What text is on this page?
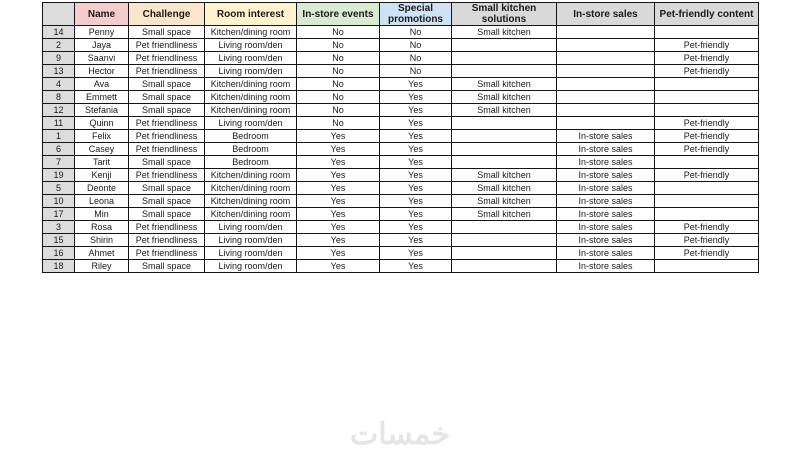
	Name	Challenge	Room interest	In-store events	Special promotions	Small kitchen solutions	In-store sales	Pet-friendly content
14	Penny	Small space	Kitchen/dining room	No	No	Small kitchen		
2	Jaya	Pet friendliness	Living room/den	No	No			Pet-friendly
9	Saanvi	Pet friendliness	Living room/den	No	No			Pet-friendly
13	Hector	Pet friendliness	Living room/den	No	No			Pet-friendly
4	Ava	Small space	Kitchen/dining room	No	Yes	Small kitchen		
8	Emmett	Small space	Kitchen/dining room	No	Yes	Small kitchen		
12	Stefania	Small space	Kitchen/dining room	No	Yes	Small kitchen		
11	Quinn	Pet friendliness	Living room/den	No	Yes			Pet-friendly
1	Felix	Pet friendliness	Bedroom	Yes	Yes		In-store sales	Pet-friendly
6	Casey	Pet friendliness	Bedroom	Yes	Yes		In-store sales	Pet-friendly
7	Tarit	Small space	Bedroom	Yes	Yes		In-store sales	
19	Kenji	Pet friendliness	Kitchen/dining room	Yes	Yes	Small kitchen	In-store sales	Pet-friendly
5	Deonte	Small space	Kitchen/dining room	Yes	Yes	Small kitchen	In-store sales	
10	Leona	Small space	Kitchen/dining room	Yes	Yes	Small kitchen	In-store sales	
17	Min	Small space	Kitchen/dining room	Yes	Yes	Small kitchen	In-store sales	
3	Rosa	Pet friendliness	Living room/den	Yes	Yes		In-store sales	Pet-friendly
15	Shirin	Pet friendliness	Living room/den	Yes	Yes		In-store sales	Pet-friendly
16	Ahmet	Pet friendliness	Living room/den	Yes	Yes		In-store sales	Pet-friendly
18	Riley	Small space	Living room/den	Yes	Yes		In-store sales	
خمسات
